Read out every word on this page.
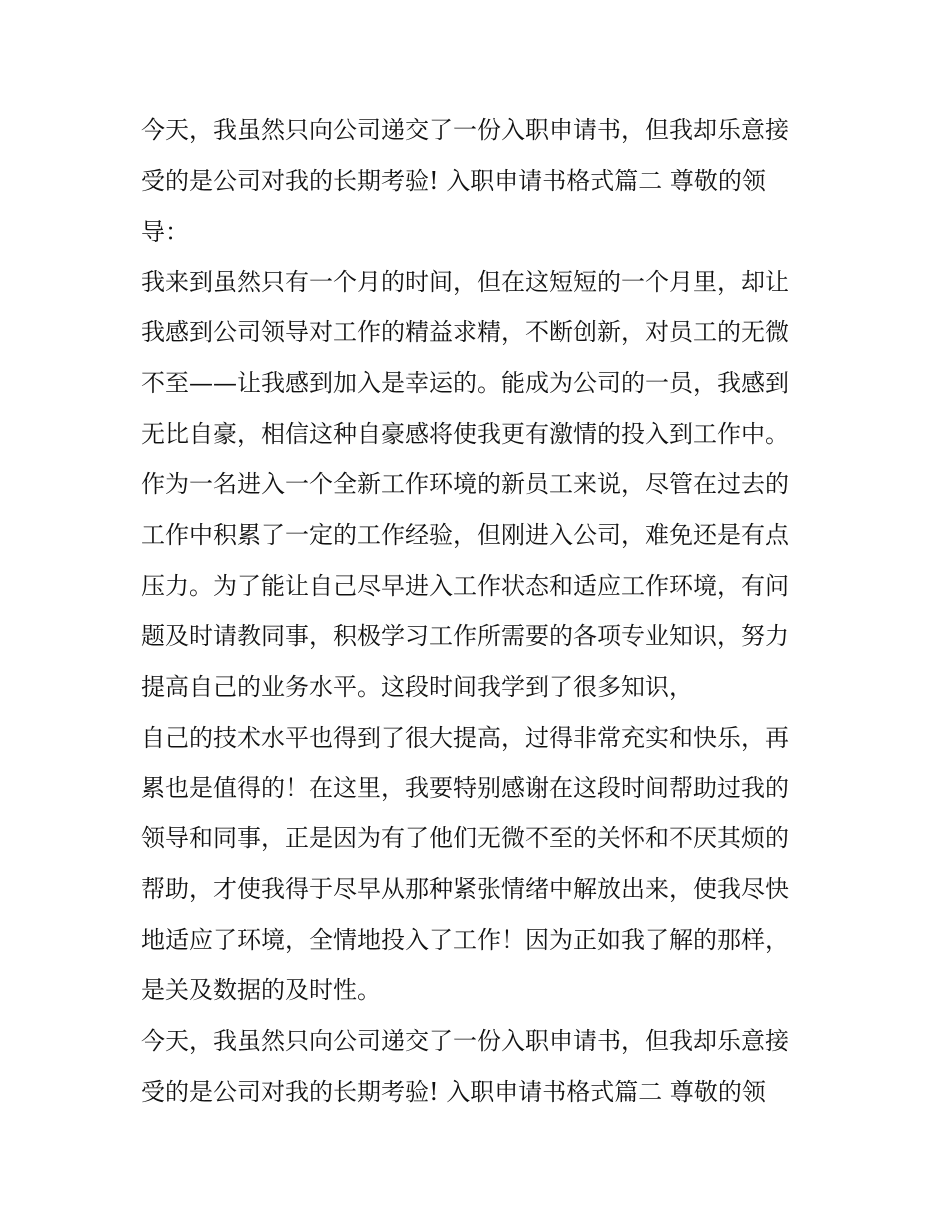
今天，我虽然只向公司递交了一份入职申请书，但我却乐意接
受的是公司对我的长期考验! 入职申请书格式篇二 尊敬的领
导：
我来到虽然只有一个月的时间，但在这短短的一个月里，却让
我感到公司领导对工作的精益求精，不断创新，对员工的无微
不至——让我感到加入是幸运的。能成为公司的一员，我感到
无比自豪，相信这种自豪感将使我更有激情的投入到工作中。
作为一名进入一个全新工作环境的新员工来说，尽管在过去的
工作中积累了一定的工作经验，但刚进入公司，难免还是有点
压力。为了能让自己尽早进入工作状态和适应工作环境，有问
题及时请教同事，积极学习工作所需要的各项专业知识，努力
提高自己的业务水平。这段时间我学到了很多知识，
自己的技术水平也得到了很大提高，过得非常充实和快乐，再
累也是值得的！在这里，我要特别感谢在这段时间帮助过我的
领导和同事，正是因为有了他们无微不至的关怀和不厌其烦的
帮助，才使我得于尽早从那种紧张情绪中解放出来，使我尽快
地适应了环境，全情地投入了工作！因为正如我了解的那样，
是关及数据的及时性。
今天，我虽然只向公司递交了一份入职申请书，但我却乐意接
受的是公司对我的长期考验! 入职申请书格式篇二 尊敬的领
